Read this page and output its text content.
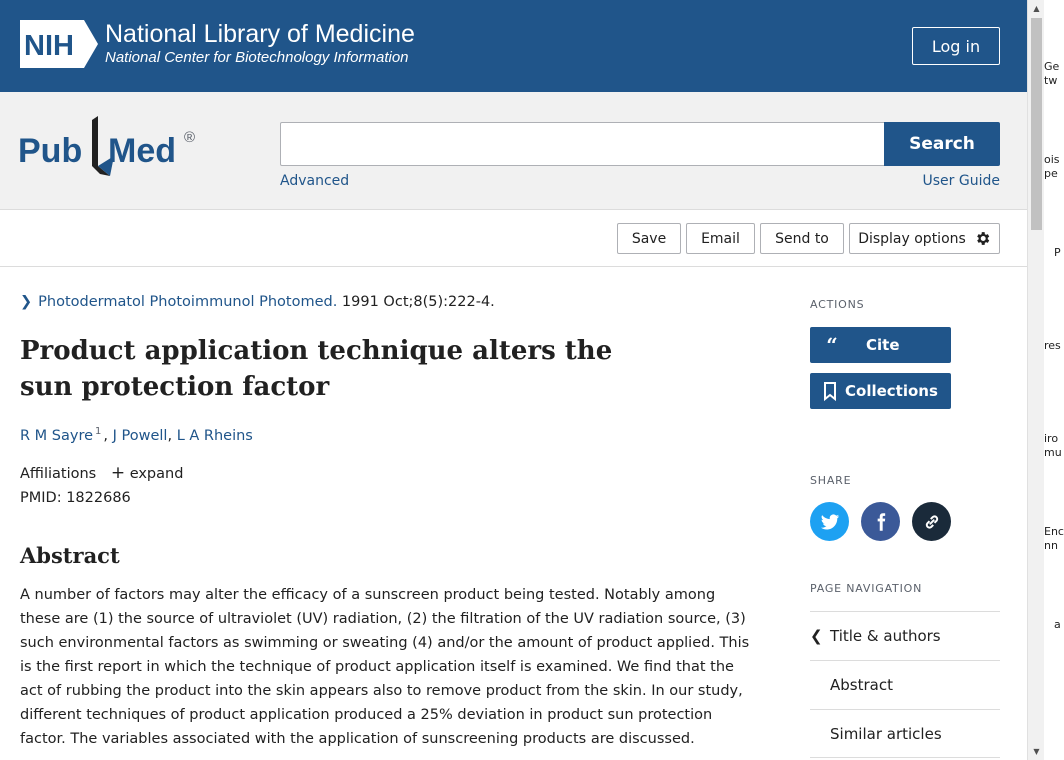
NIH National Library of Medicine
National Center for Biotechnology Information
Log in
Pub Med ®	Search
Advanced	User Guide
Save	Email	Send to	Display options
❯ Photodermatol Photoimmunol Photomed. 1991 Oct;8(5):222-4.
Product application technique alters the sun protection factor
R M Sayre $^1$ , J Powell, L A Rheins
Affiliations + expand
PMID: 1822686
Abstract

A number of factors may alter the efficacy of a sunscreen product being tested. Notably among these are (1) the source of ultraviolet (UV) radiation, (2) the filtration of the UV radiation source, (3) such environmental factors as swimming or sweating (4) and/or the amount of product applied. This is the first report in which the technique of product application itself is examined. We find that the act of rubbing the product into the skin appears also to remove product from the skin. In our study, different techniques of product application produced a 25% deviation in product sun protection factor. The variables associated with the application of sunscreening products are discussed.

ACTIONS
“	Cite
Collections
SHARE
PAGE NAVIGATION
❮ Title & authors
Abstract
Similar articles
▲
▼
Ge
tw
ois
pe
P
res
iro
mu
Enc
nn
a
